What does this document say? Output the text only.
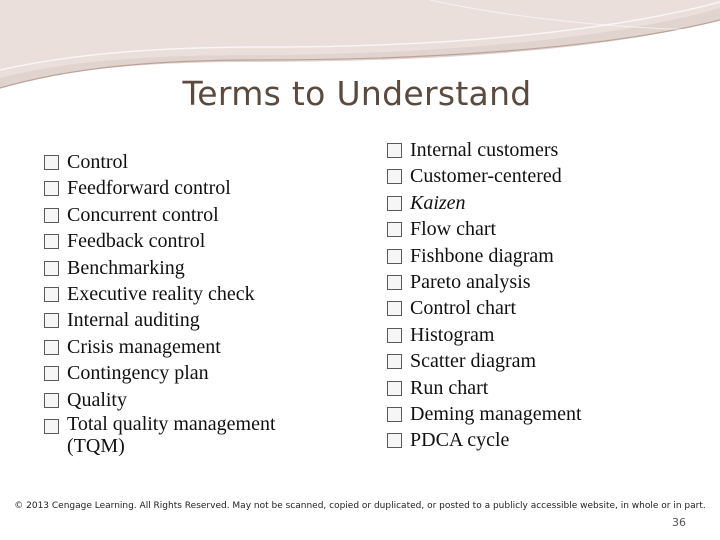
Terms to Understand
Control
Feedforward control
Concurrent control
Feedback control
Benchmarking
Executive reality check
Internal auditing
Crisis management
Contingency plan
Quality
Total quality management (TQM)
Internal customers
Customer-centered
Kaizen
Flow chart
Fishbone diagram
Pareto analysis
Control chart
Histogram
Scatter diagram
Run chart
Deming management
PDCA cycle
© 2013 Cengage Learning. All Rights Reserved. May not be scanned, copied or duplicated, or posted to a publicly accessible website, in whole or in part.
36
